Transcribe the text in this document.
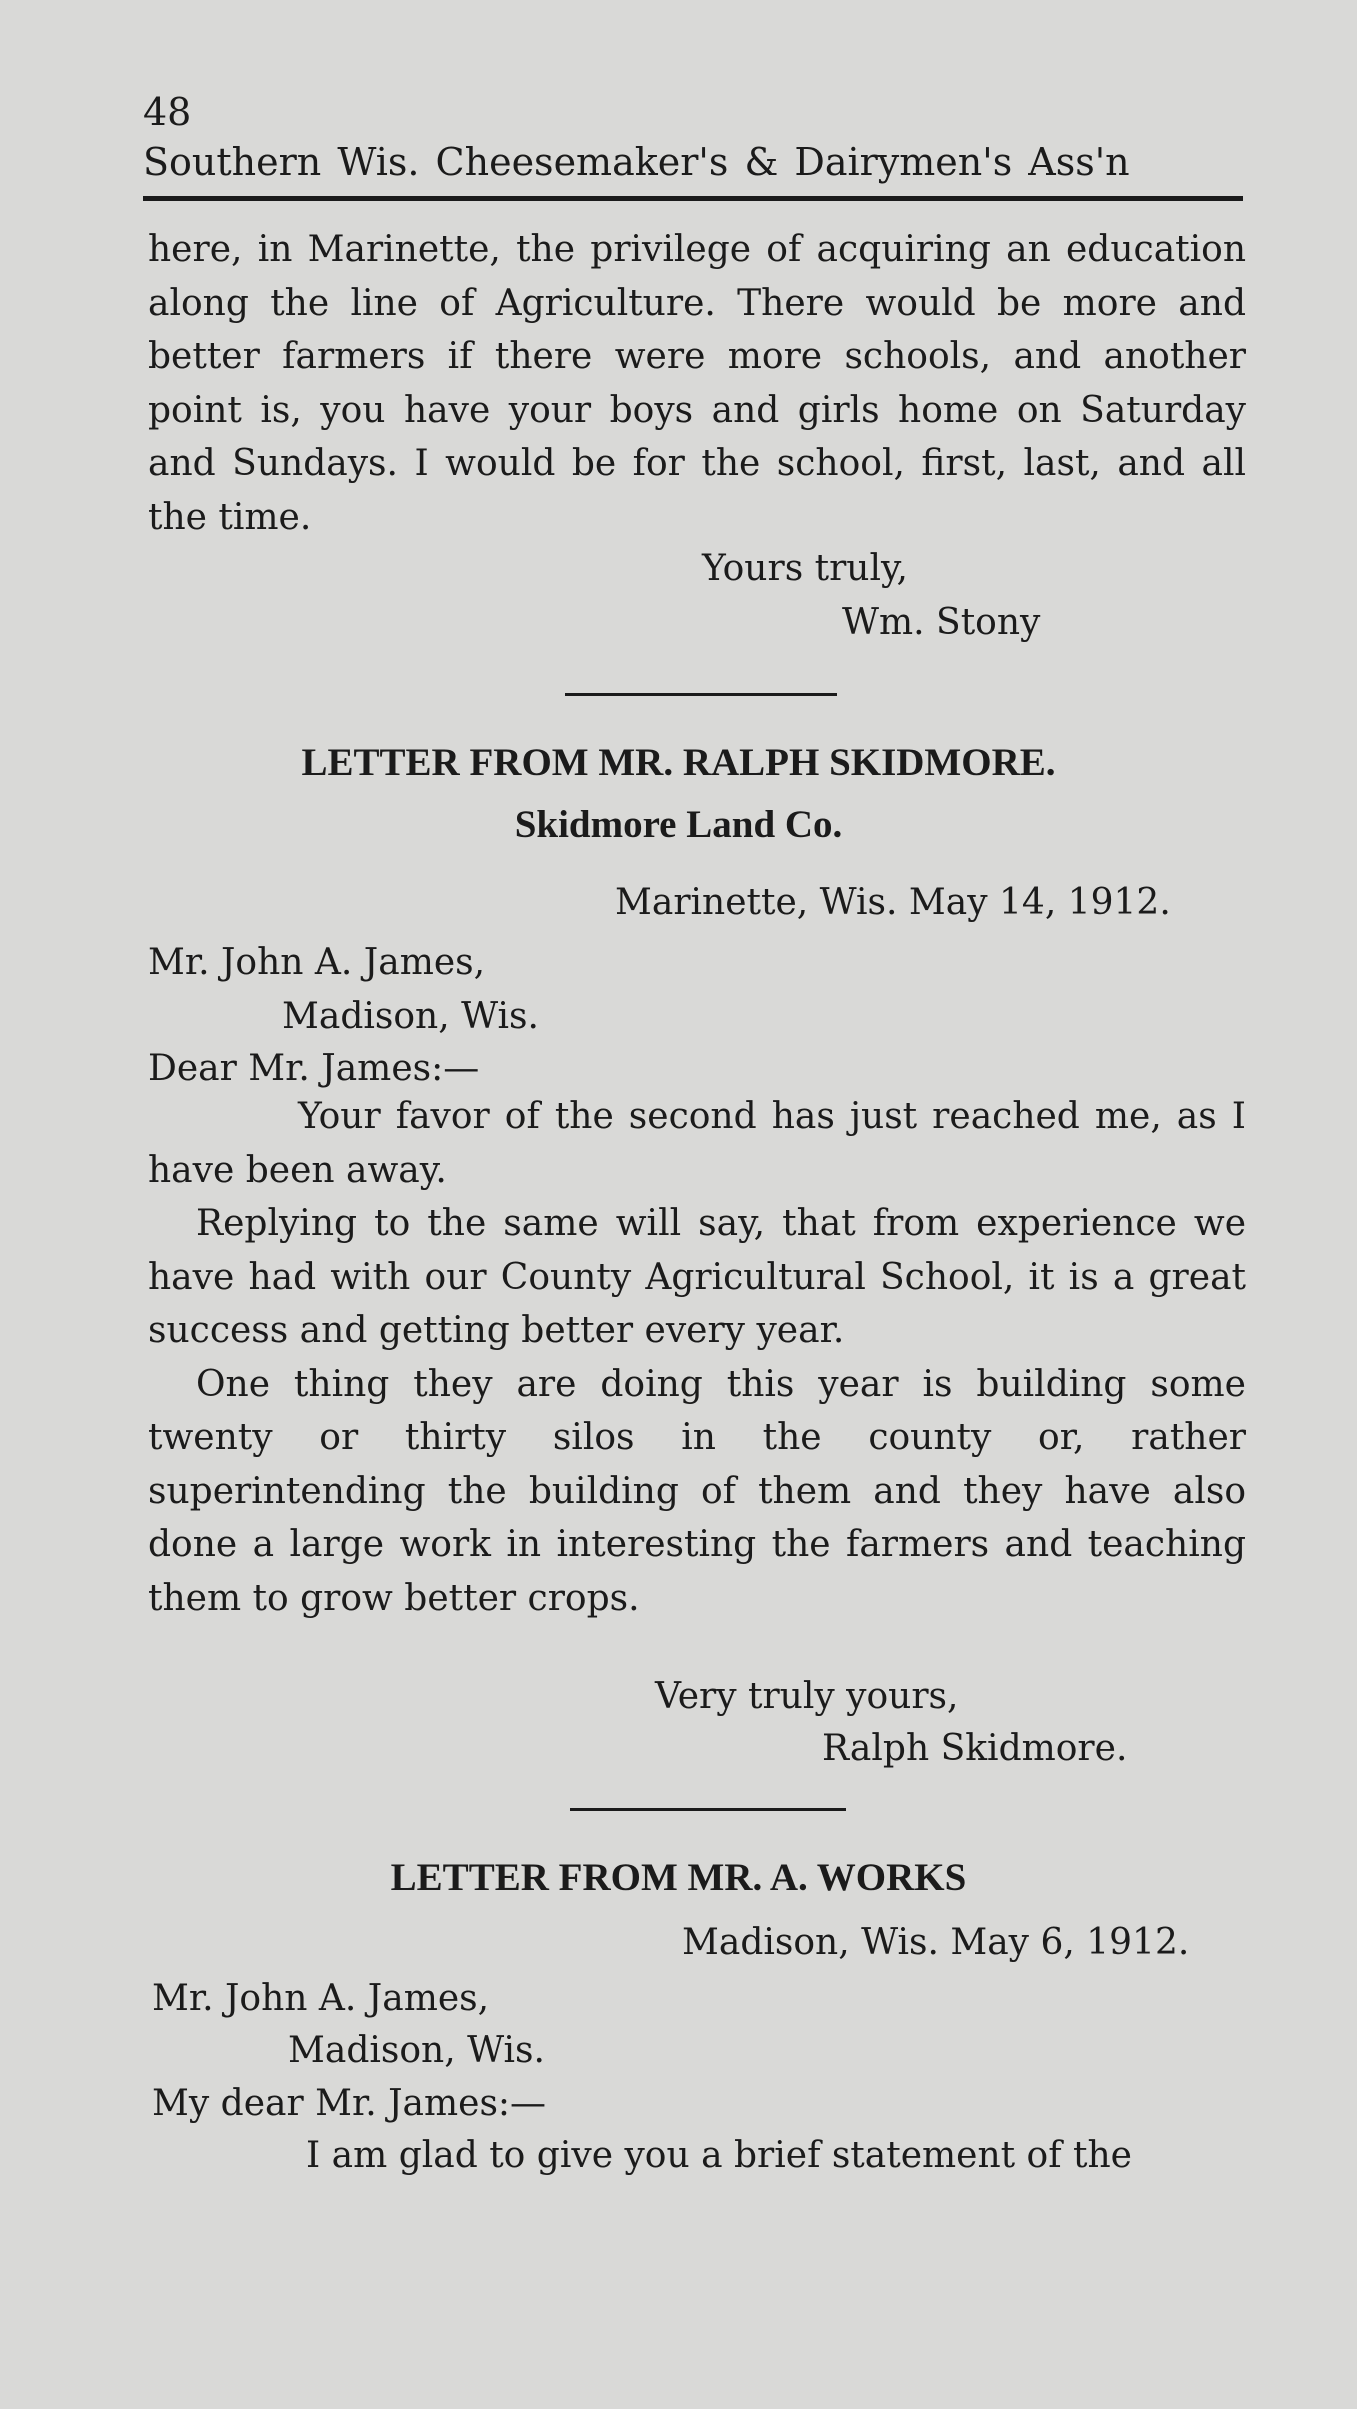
48
Southern Wis. Cheesemaker's & Dairymen's Ass'n

here, in Marinette, the privilege of acquiring an education along the line of Agriculture. There would be more and better farmers if there were more schools, and another point is, you have your boys and girls home on Saturday and Sundays. I would be for the school, first, last, and all the time.

Yours truly,
Wm. Stony
LETTER FROM MR. RALPH SKIDMORE.
Skidmore Land Co.
Marinette, Wis. May 14, 1912.
Mr. John A. James,
Madison, Wis.
Dear Mr. James:—

Your favor of the second has just reached me, as I have been away.

Replying to the same will say, that from experience we have had with our County Agricultural School, it is a great success and getting better every year.

One thing they are doing this year is building some twenty or thirty silos in the county or, rather superintending the building of them and they have also done a large work in interesting the farmers and teaching them to grow better crops.

Very truly yours,
Ralph Skidmore.
LETTER FROM MR. A. WORKS
Madison, Wis. May 6, 1912.
Mr. John A. James,
Madison, Wis.
My dear Mr. James:—
I am glad to give you a brief statement of the
